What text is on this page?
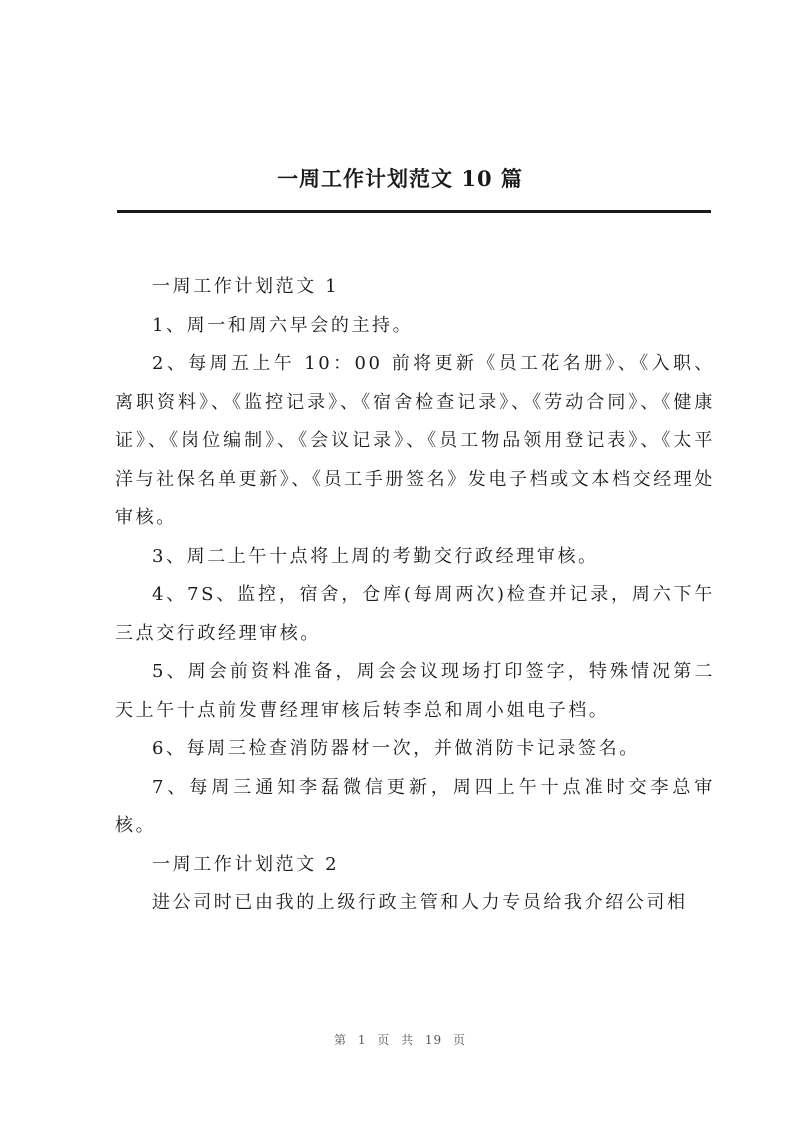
一周工作计划范文 10 篇

一周工作计划范文 1

1、周一和周六早会的主持。

2、每周五上午 10：00 前将更新《员工花名册》、《入职、离职资料》、《监控记录》、《宿舍检查记录》、《劳动合同》、《健康证》、《岗位编制》、《会议记录》、《员工物品领用登记表》、《太平洋与社保名单更新》、《员工手册签名》发电子档或文本档交经理处审核。

3、周二上午十点将上周的考勤交行政经理审核。

4、7S、监控，宿舍，仓库(每周两次)检查并记录，周六下午三点交行政经理审核。

5、周会前资料准备，周会会议现场打印签字，特殊情况第二天上午十点前发曹经理审核后转李总和周小姐电子档。

6、每周三检查消防器材一次，并做消防卡记录签名。

7、每周三通知李磊微信更新，周四上午十点准时交李总审核。

一周工作计划范文 2

进公司时已由我的上级行政主管和人力专员给我介绍公司相

第 1 页 共 19 页
